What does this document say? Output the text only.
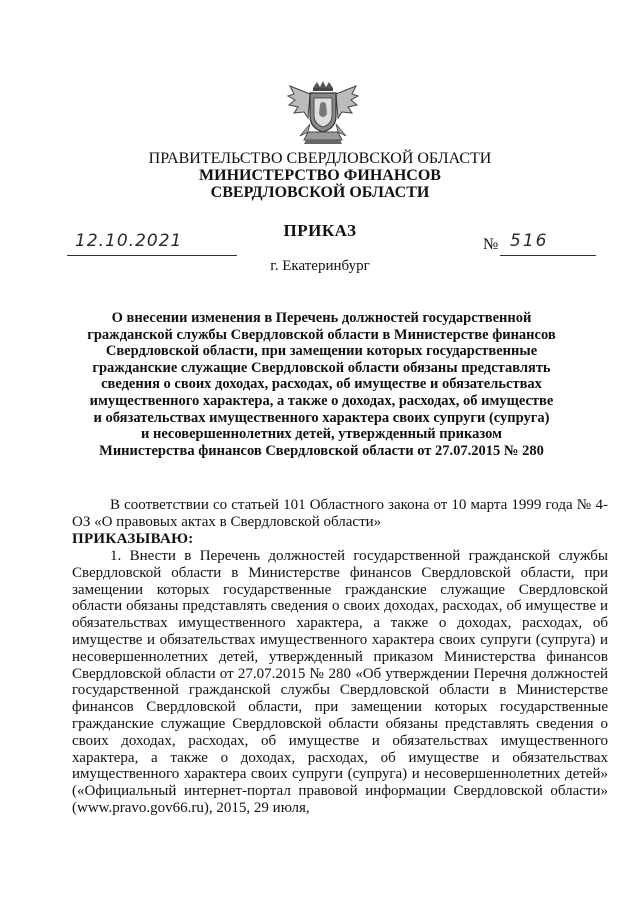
ПРАВИТЕЛЬСТВО СВЕРДЛОВСКОЙ ОБЛАСТИ
МИНИСТЕРСТВО ФИНАНСОВ
СВЕРДЛОВСКОЙ ОБЛАСТИ
ПРИКАЗ
12.10.2021	№ 516
г. Екатеринбург
О внесении изменения в Перечень должностей государственной
гражданской службы Свердловской области в Министерстве финансов
Свердловской области, при замещении которых государственные
гражданские служащие Свердловской области обязаны представлять
сведения о своих доходах, расходах, об имуществе и обязательствах
имущественного характера, а также о доходах, расходах, об имуществе
и обязательствах имущественного характера своих супруги (супруга)
и несовершеннолетних детей, утвержденный приказом
Министерства финансов Свердловской области от 27.07.2015 № 280
В соответствии со статьей 101 Областного закона от 10 марта 1999 года № 4-ОЗ «О правовых актах в Свердловской области»
ПРИКАЗЫВАЮ:
1. Внести в Перечень должностей государственной гражданской службы Свердловской области в Министерстве финансов Свердловской области, при замещении которых государственные гражданские служащие Свердловской области обязаны представлять сведения о своих доходах, расходах, об имуществе и обязательствах имущественного характера, а также о доходах, расходах, об имуществе и обязательствах имущественного характера своих супруги (супруга) и несовершеннолетних детей, утвержденный приказом Министерства финансов Свердловской области от 27.07.2015 № 280 «Об утверждении Перечня должностей государственной гражданской службы Свердловской области в Министерстве финансов Свердловской области, при замещении которых государственные гражданские служащие Свердловской области обязаны представлять сведения о своих доходах, расходах, об имуществе и обязательствах имущественного характера, а также о доходах, расходах, об имуществе и обязательствах имущественного характера своих супруги (супруга) и несовершеннолетних детей» («Официальный интернет-портал правовой информации Свердловской области» (www.pravo.gov66.ru), 2015, 29 июля,
